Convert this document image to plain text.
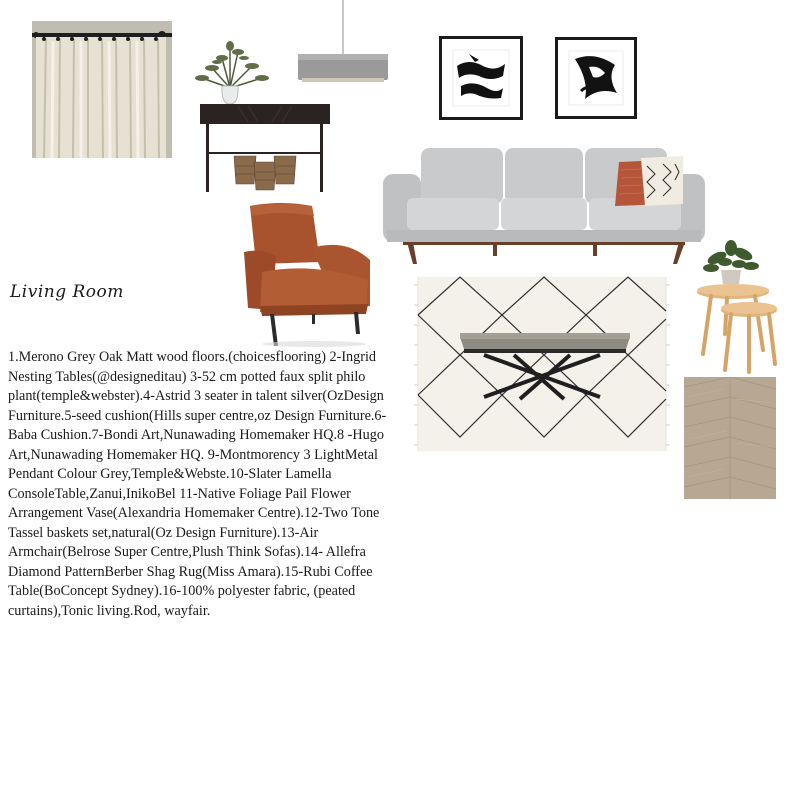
Living Room

1.Merono Grey Oak Matt wood floors.(choicesflooring) 2-Ingrid Nesting Tables(@designeditau) 3-52 cm potted faux split philo plant(temple&webster).4-Astrid 3 seater in talent silver(OzDesign Furniture.5-seed cushion(Hills super centre,oz Design Furniture.6-Baba Cushion.7-Bondi Art,Nunawading Homemaker HQ.8 -Hugo Art,Nunawading Homemaker HQ. 9-Montmorency 3 LightMetal Pendant Colour Grey,Temple&Webste.10-Slater Lamella ConsoleTable,Zanui,InikoBel 11-Native Foliage Pail Flower Arrangement Vase(Alexandria Homemaker Centre).12-Two Tone Tassel baskets set,natural(Oz Design Furniture).13-Air Armchair(Belrose Super Centre,Plush Think Sofas).14- Allefra Diamond PatternBerber Shag Rug(Miss Amara).15-Rubi Coffee Table(BoConcept Sydney).16-100% polyester fabric, (peated curtains),Tonic living.Rod, wayfair.
